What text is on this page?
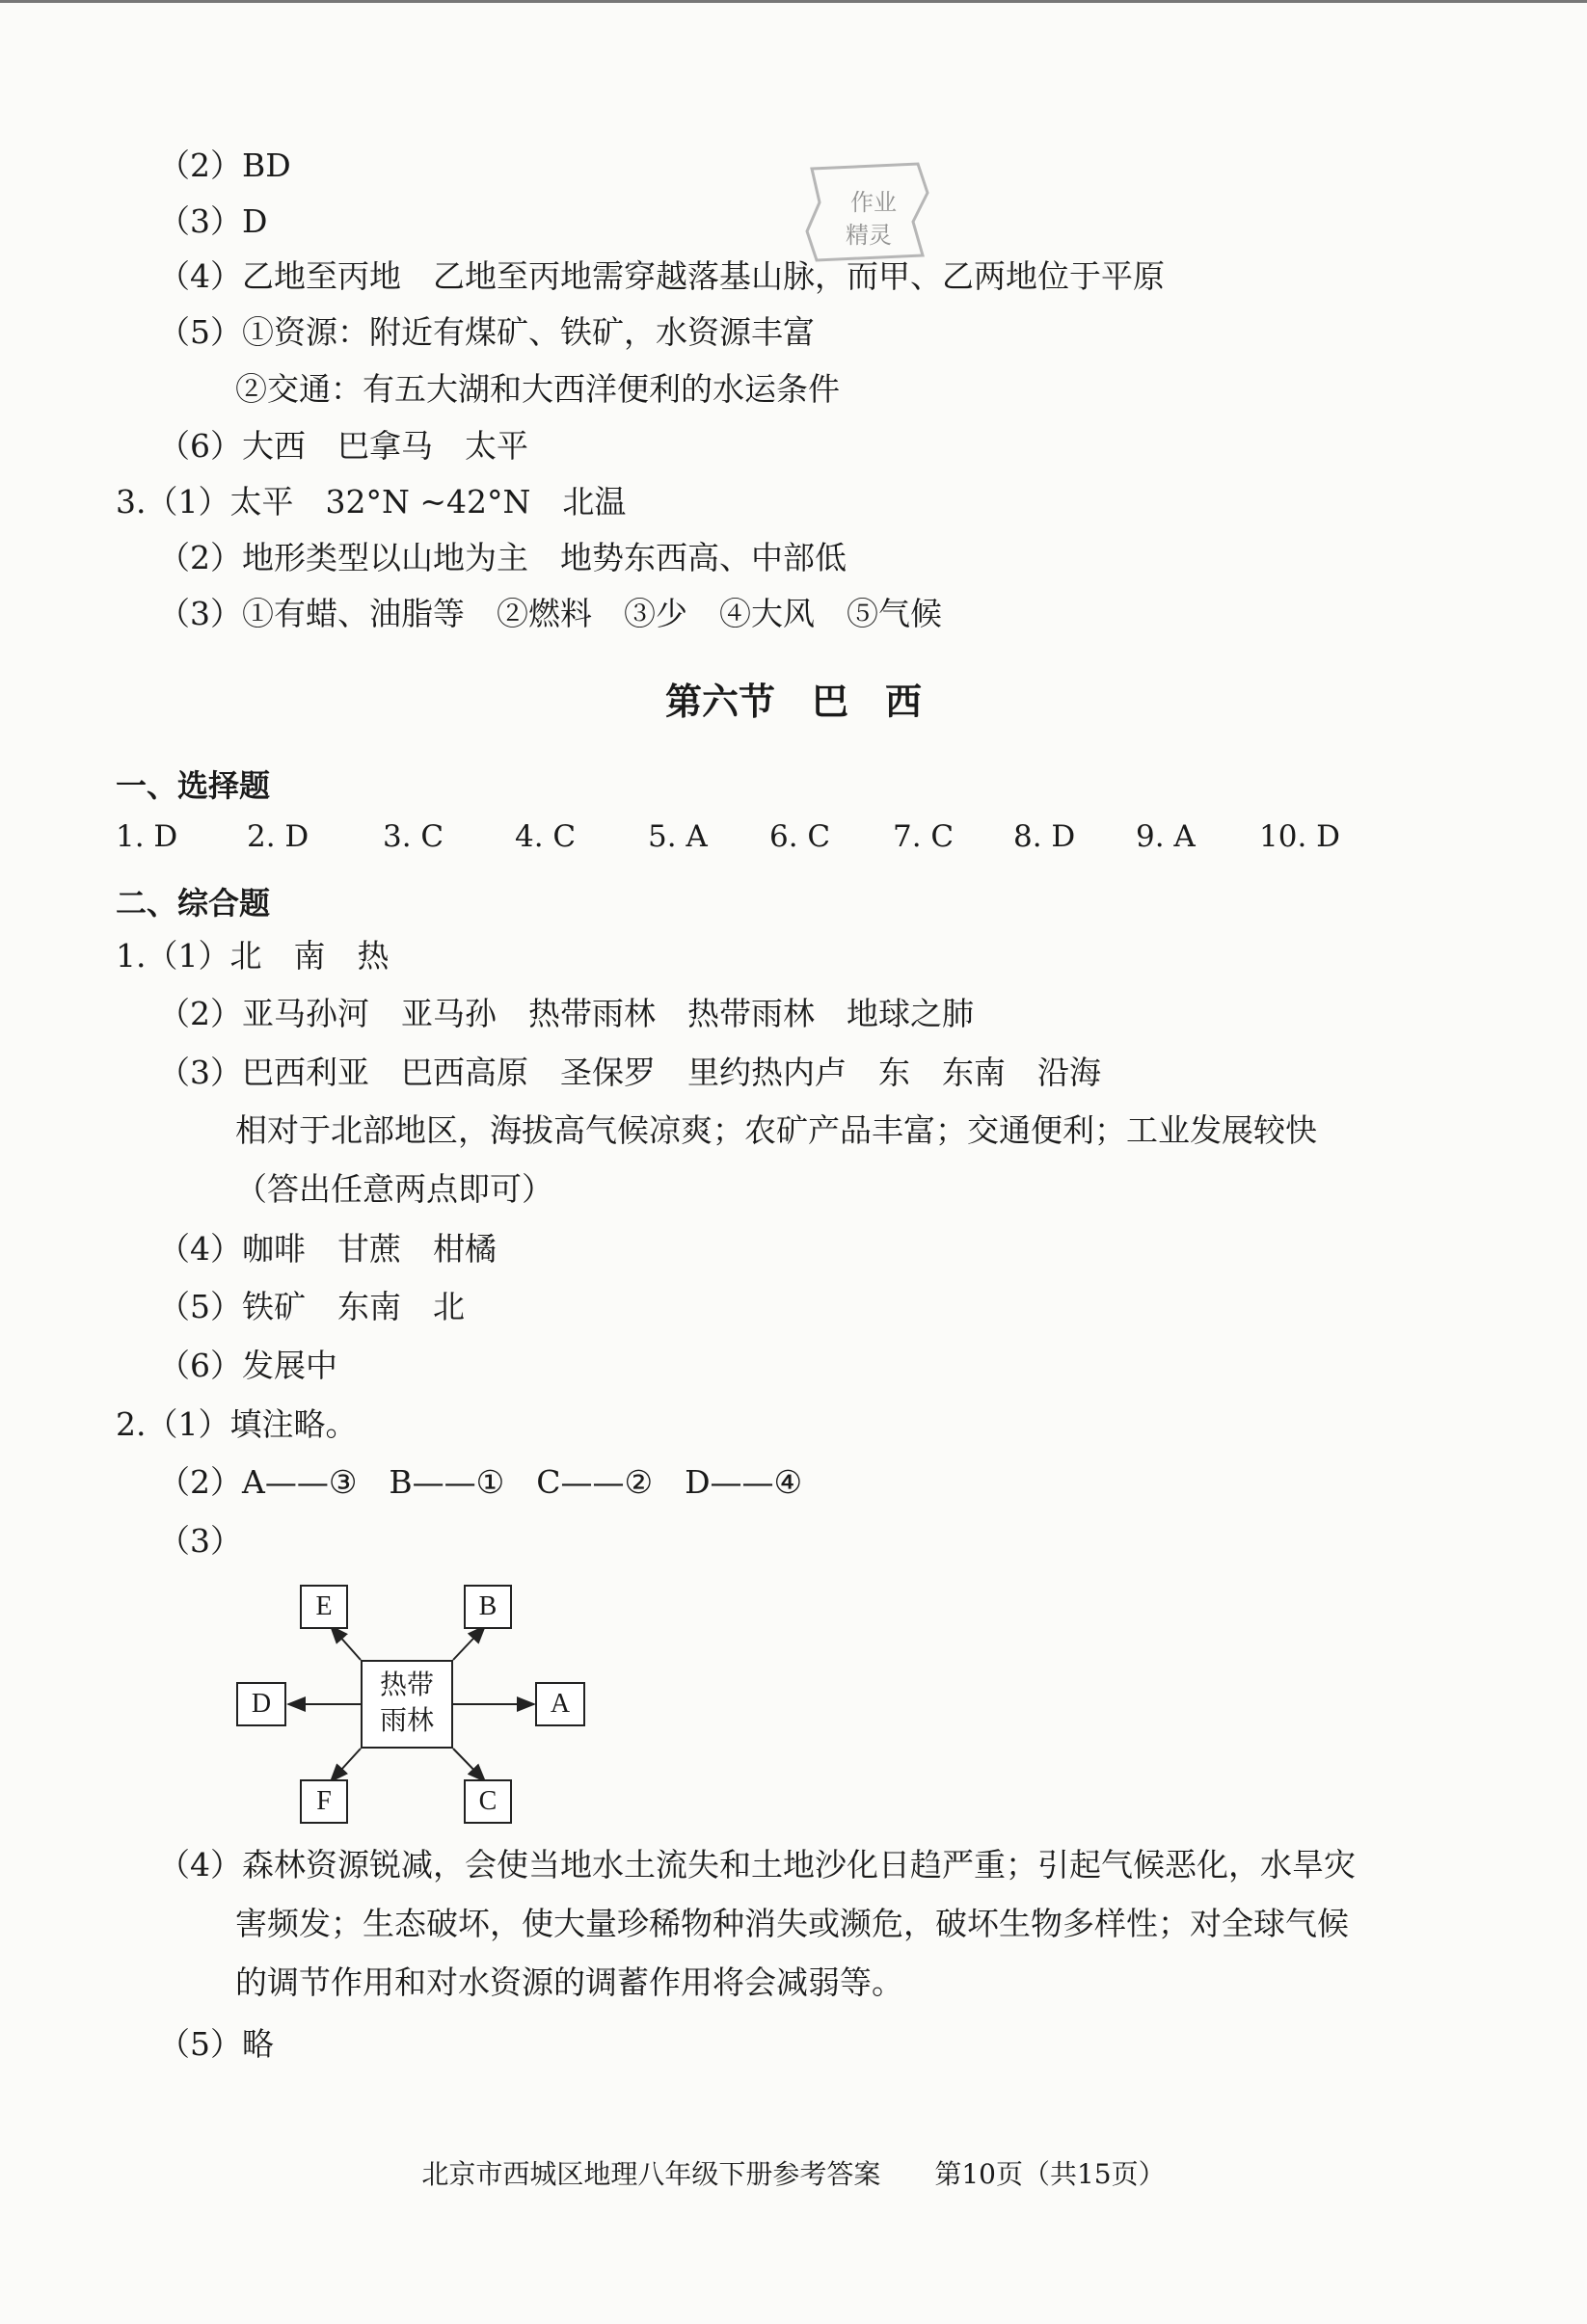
（2）BD
（3）D
（4）乙地至丙地　乙地至丙地需穿越落基山脉，而甲、乙两地位于平原
（5）①资源：附近有煤矿、铁矿，水资源丰富
②交通：有五大湖和大西洋便利的水运条件
（6）大西　巴拿马　太平
3.（1）太平　32°N ~42°N　北温
（2）地形类型以山地为主　地势东西高、中部低
（3）①有蜡、油脂等　②燃料　③少　④大风　⑤气候
作业
精灵
第六节　巴　西
一、选择题
1. D 2. D 3. C 4. C 5. A 6. C 7. C 8. D 9. A 10. D
二、综合题
1.（1）北　南　热
（2）亚马孙河　亚马孙　热带雨林　热带雨林　地球之肺
（3）巴西利亚　巴西高原　圣保罗　里约热内卢　东　东南　沿海
相对于北部地区，海拔高气候凉爽；农矿产品丰富；交通便利；工业发展较快
（答出任意两点即可）
（4）咖啡　甘蔗　柑橘
（5）铁矿　东南　北
（6）发展中
2.（1）填注略。
（2）A——③　B——①　C——②　D——④
（3）
热带
雨林
E	B
D	A
F	C
（4）森林资源锐减，会使当地水土流失和土地沙化日趋严重；引起气候恶化，水旱灾
害频发；生态破坏，使大量珍稀物种消失或濒危，破坏生物多样性；对全球气候
的调节作用和对水资源的调蓄作用将会减弱等。
（5）略
北京市西城区地理八年级下册参考答案　　第10页（共15页）
